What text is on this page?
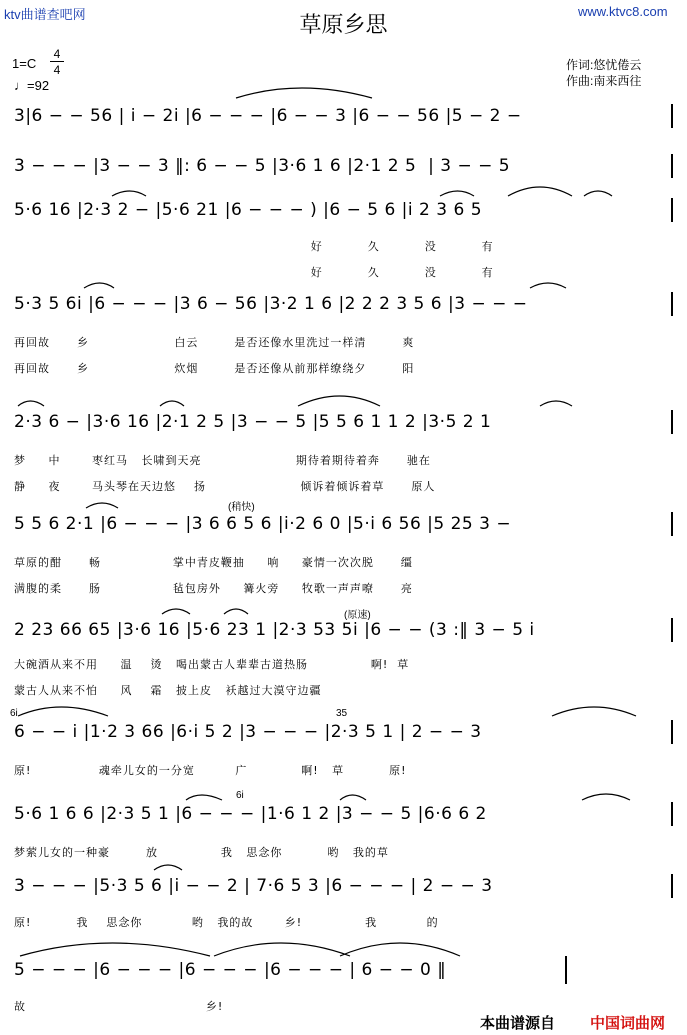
ktv曲谱查吧网	www.ktvc8.com
草原乡思
作词:悠忧倦云
作曲:南来西往
1=C
4
4
♩=92
3|6 − − 56 | i − 2i |6 − − − |6 − − 3 |6 − − 56 |5 − 2 −
3 − − − |3 − − 3 ‖: 6 − − 5 |3·6 1 6 |2·1 2 5  | 3 − − 5
5·6 16 |2·3 2 − |5·6 21 |6 − − − ) |6 − 5 6 |i 2 3 6 5
5·3 5 6i |6 − − − |3 6 − 56 |3·2 1 6 |2 2 2 3 5 6 |3 − − −
2·3 6 − |3·6 16 |2·1 2 5 |3 − − 5 |5 5 6 1 1 2 |3·5 2 1
5 5 6 2·1 |6 − − − |3 6 6 5 6 |i·2 6 0 |5·i 6 56 |5 25 3 −
2 23 66 65 |3·6 16 |5·6 23 1 |2·3 53 5i |6 − − (3 :‖ 3 − 5 i
6 − − i |1·2 3 66 |6·i 5 2 |3 − − − |2·3 5 1 | 2 − − 3
5·6 1 6 6 |2·3 5 1 |6 − − − |1·6 1 2 |3 − − 5 |6·6 6 2
3 − − − |5·3 5 6 |i − − 2 | 7·6 5 3 |6 − − − | 2 − − 3
5 − − − |6 − − − |6 − − − |6 − − − | 6 − − 0 ‖
好          久          没          有
好          久          没          有
再回故      乡                   白云        是否还像水里洗过一样清        爽
再回故      乡                   炊烟        是否还像从前那样缭绕夕        阳
梦     中       枣红马   长啸到天亮                     期待着期待着奔      驰在
静     夜       马头琴在天边悠    扬                     倾诉着倾诉着草      原人
草原的酣      畅                掌中青皮鞭抽     响     豪情一次次脱      缰
满腹的柔      肠                毡包房外     篝火旁     牧歌一声声嘹      亮
大碗酒从来不用     温    烫   喝出蒙古人辈辈古道热肠              啊!  草
蒙古人从来不怕     风    霜   披上皮   袄越过大漠守边疆
原!               魂牵儿女的一分宽         广            啊!   草          原!
梦萦儿女的一种豪        放              我   思念你          哟   我的草
原!          我    思念你           哟   我的故       乡!              我           的
故                                        乡!
(稍快)
(原速)
6i	35
6i
本曲谱源自 中国词曲网
